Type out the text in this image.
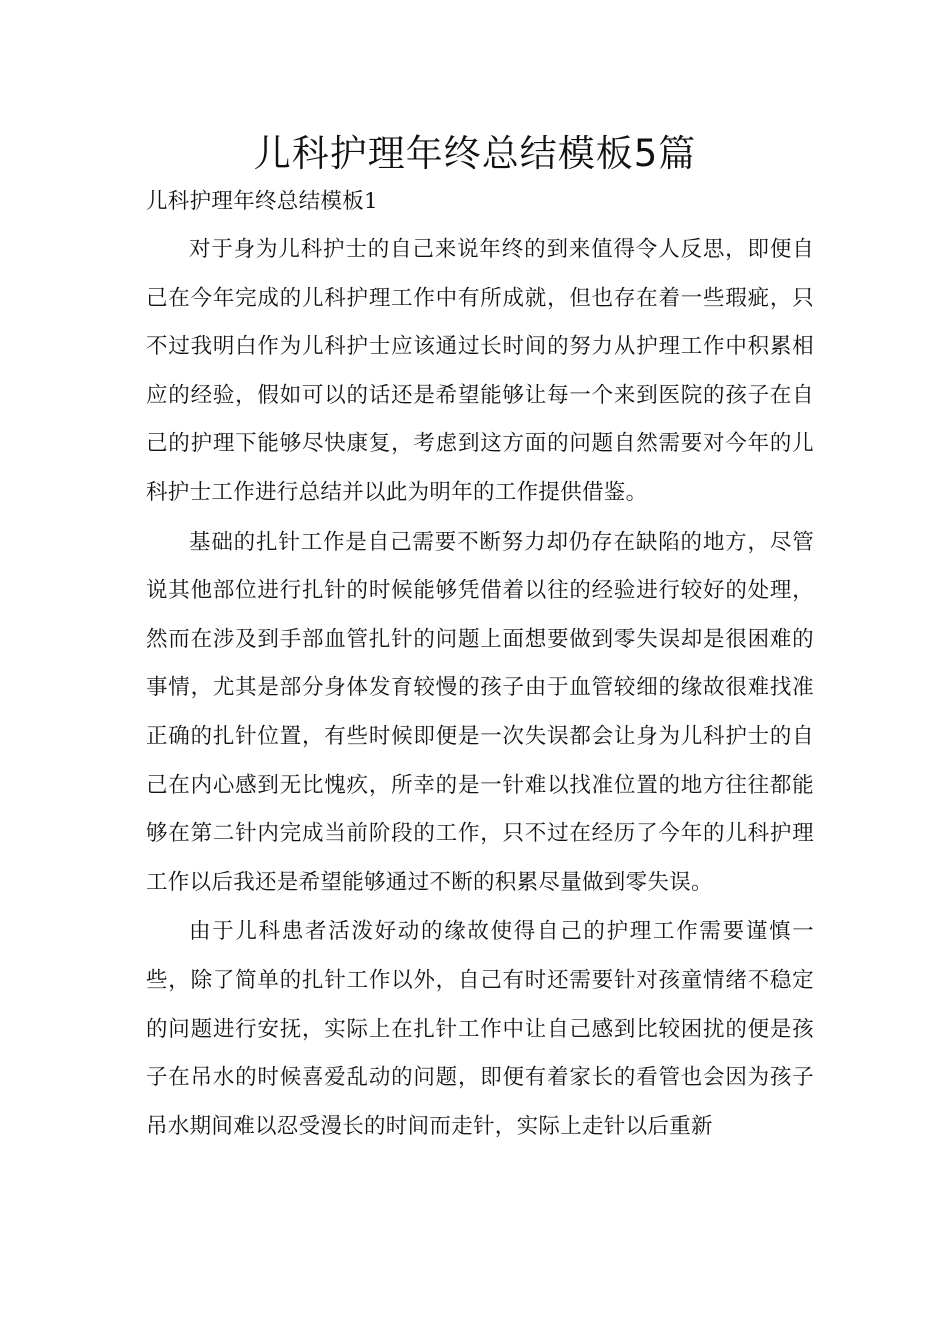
儿科护理年终总结模板5篇

儿科护理年终总结模板1

对于身为儿科护士的自己来说年终的到来值得令人反思，即便自己在今年完成的儿科护理工作中有所成就，但也存在着一些瑕疵，只不过我明白作为儿科护士应该通过长时间的努力从护理工作中积累相应的经验，假如可以的话还是希望能够让每一个来到医院的孩子在自己的护理下能够尽快康复，考虑到这方面的问题自然需要对今年的儿科护士工作进行总结并以此为明年的工作提供借鉴。

基础的扎针工作是自己需要不断努力却仍存在缺陷的地方，尽管说其他部位进行扎针的时候能够凭借着以往的经验进行较好的处理，然而在涉及到手部血管扎针的问题上面想要做到零失误却是很困难的事情，尤其是部分身体发育较慢的孩子由于血管较细的缘故很难找准正确的扎针位置，有些时候即便是一次失误都会让身为儿科护士的自己在内心感到无比愧疚，所幸的是一针难以找准位置的地方往往都能够在第二针内完成当前阶段的工作，只不过在经历了今年的儿科护理工作以后我还是希望能够通过不断的积累尽量做到零失误。

由于儿科患者活泼好动的缘故使得自己的护理工作需要谨慎一些，除了简单的扎针工作以外，自己有时还需要针对孩童情绪不稳定的问题进行安抚，实际上在扎针工作中让自己感到比较困扰的便是孩子在吊水的时候喜爱乱动的问题，即便有着家长的看管也会因为孩子吊水期间难以忍受漫长的时间而走针，实际上走针以后重新
